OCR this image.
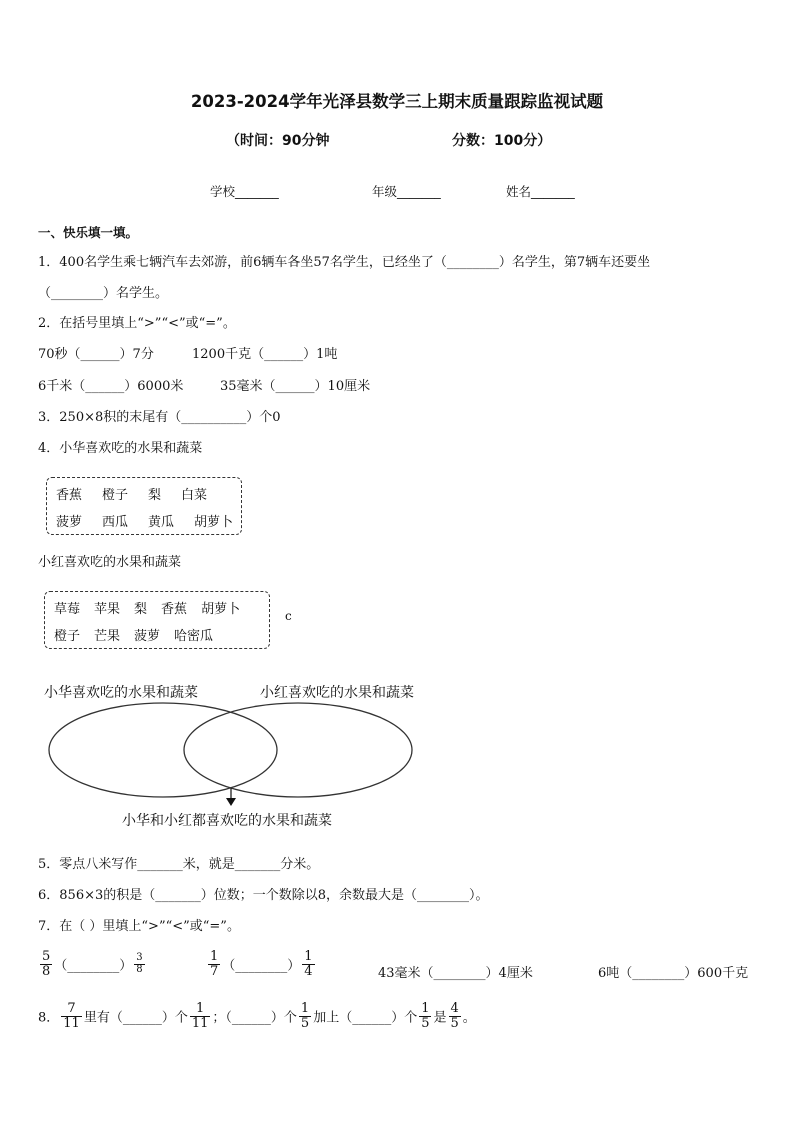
2023-2024学年光泽县数学三上期末质量跟踪监视试题
（时间：90分钟	分数：100分）
学校_______	年级_______	姓名_______
一、快乐填一填。
1．400名学生乘七辆汽车去郊游，前6辆车各坐57名学生，已经坐了（________）名学生，第7辆车还要坐
（________）名学生。
2．在括号里填上“>”“<”或“=”。
70秒（______）7分	1200千克（______）1吨
6千米（______）6000米	35毫米（______）10厘米
3．250×8积的末尾有（__________）个0
4．小华喜欢吃的水果和蔬菜
香蕉 橙子 梨 白菜
菠萝 西瓜 黄瓜 胡萝卜
小红喜欢吃的水果和蔬菜
草莓 苹果 梨 香蕉 胡萝卜
橙子 芒果 菠萝 哈密瓜
c
小华喜欢吃的水果和蔬菜	小红喜欢吃的水果和蔬菜
小华和小红都喜欢吃的水果和蔬菜
5．零点八米写作_______米，就是_______分米。
6．856×3的积是（_______）位数；一个数除以8，余数最大是（________）。
7．在（ ）里填上“>”“<”或“=”。
$\frac{5}{8}$ （________） $\frac{3}{8}$	$\frac{1}{7}$ （________） $\frac{1}{4}$	43毫米（________）4厘米	6吨（________）600千克
8． $\frac{7}{11}$ 里有（______）个 $\frac{1}{11}$ ；（______）个 $\frac{1}{5}$ 加上（______）个 $\frac{1}{5}$ 是 $\frac{4}{5}$ 。
